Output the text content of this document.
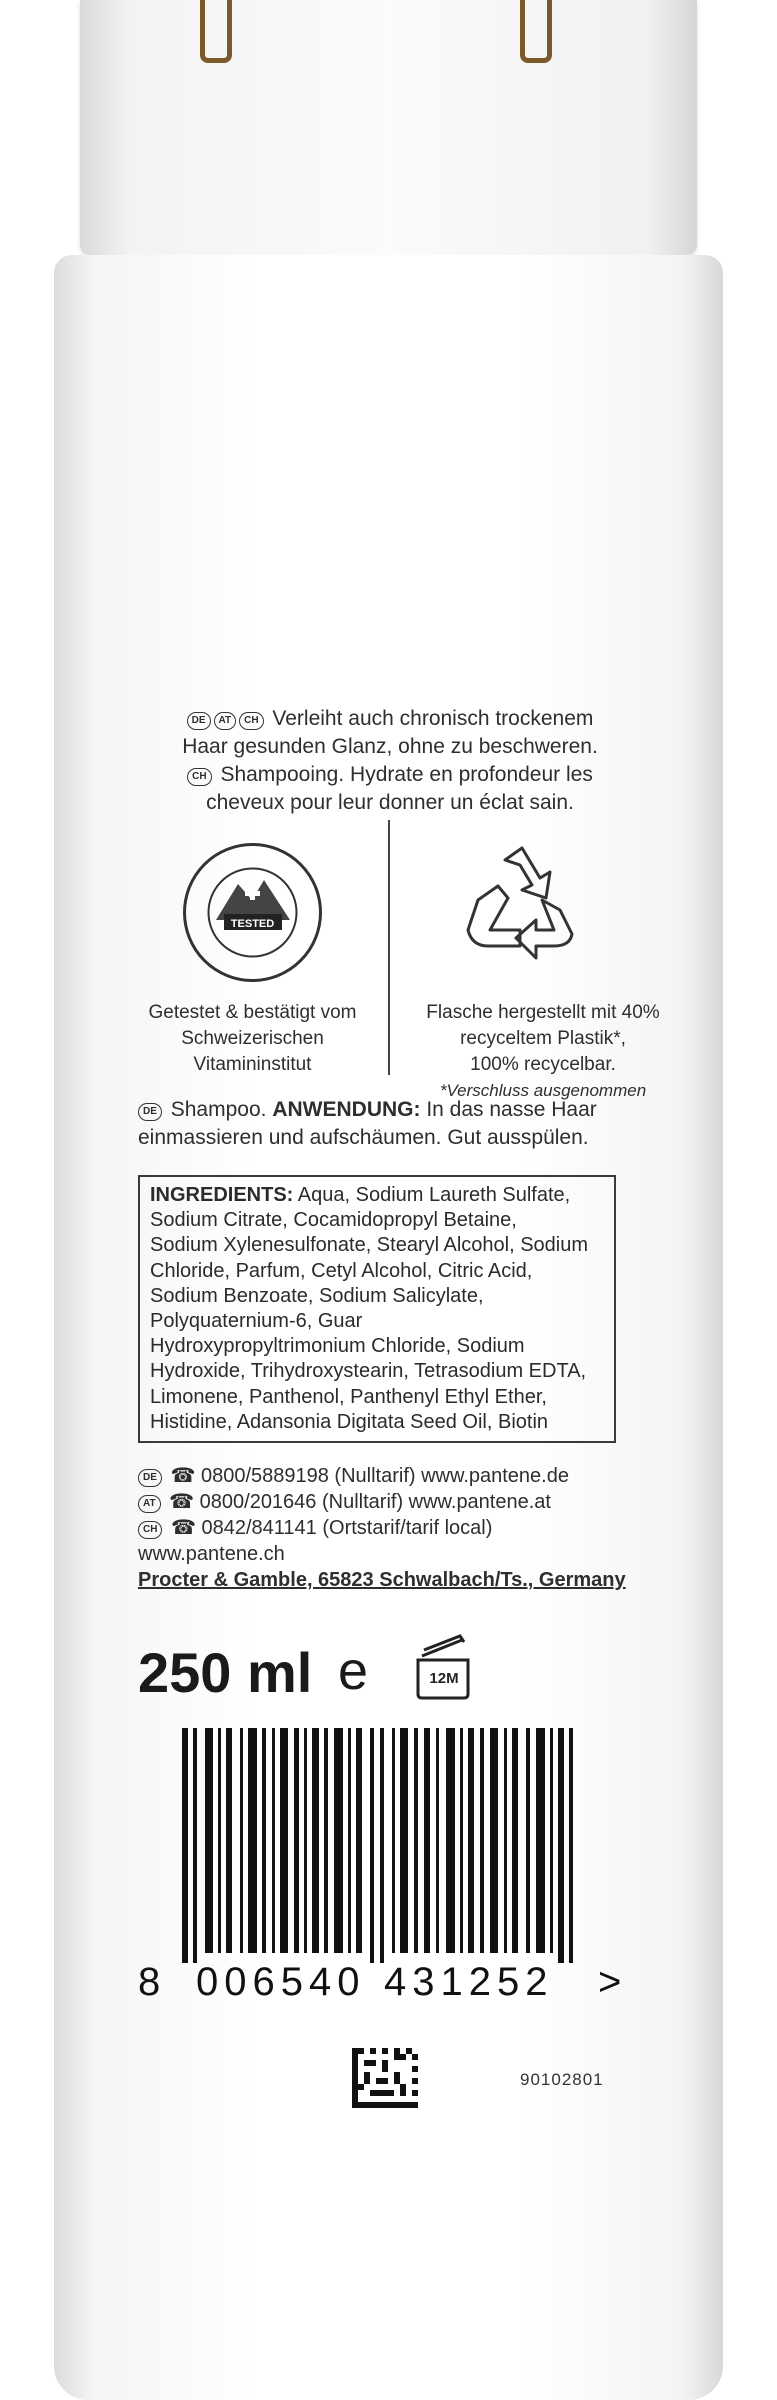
DE AT CH Verleiht auch chronisch trockenem
Haar gesunden Glanz, ohne zu beschweren.
CH Shampooing. Hydrate en profondeur les
cheveux pour leur donner un éclat sain.
TESTED
Getestet & bestätigt vom
Schweizerischen
Vitamininstitut
Flasche hergestellt mit 40%
recyceltem Plastik*,
100% recycelbar.
*Verschluss ausgenommen
DE Shampoo. ANWENDUNG: In das nasse Haar
einmassieren und aufschäumen. Gut ausspülen.
INGREDIENTS: Aqua, Sodium Laureth Sulfate,
Sodium Citrate, Cocamidopropyl Betaine,
Sodium Xylenesulfonate, Stearyl Alcohol, Sodium
Chloride, Parfum, Cetyl Alcohol, Citric Acid,
Sodium Benzoate, Sodium Salicylate,
Polyquaternium-6, Guar
Hydroxypropyltrimonium Chloride, Sodium
Hydroxide, Trihydroxystearin, Tetrasodium EDTA,
Limonene, Panthenol, Panthenyl Ethyl Ether,
Histidine, Adansonia Digitata Seed Oil, Biotin
DE ☎ 0800/5889198 (Nulltarif) www.pantene.de
AT ☎ 0800/201646 (Nulltarif) www.pantene.at
CH ☎ 0842/841141 (Ortstarif/tarif local)
www.pantene.ch
Procter & Gamble, 65823 Schwalbach/Ts., Germany
250 ml e	12M
8 006540 431252 >
90102801
